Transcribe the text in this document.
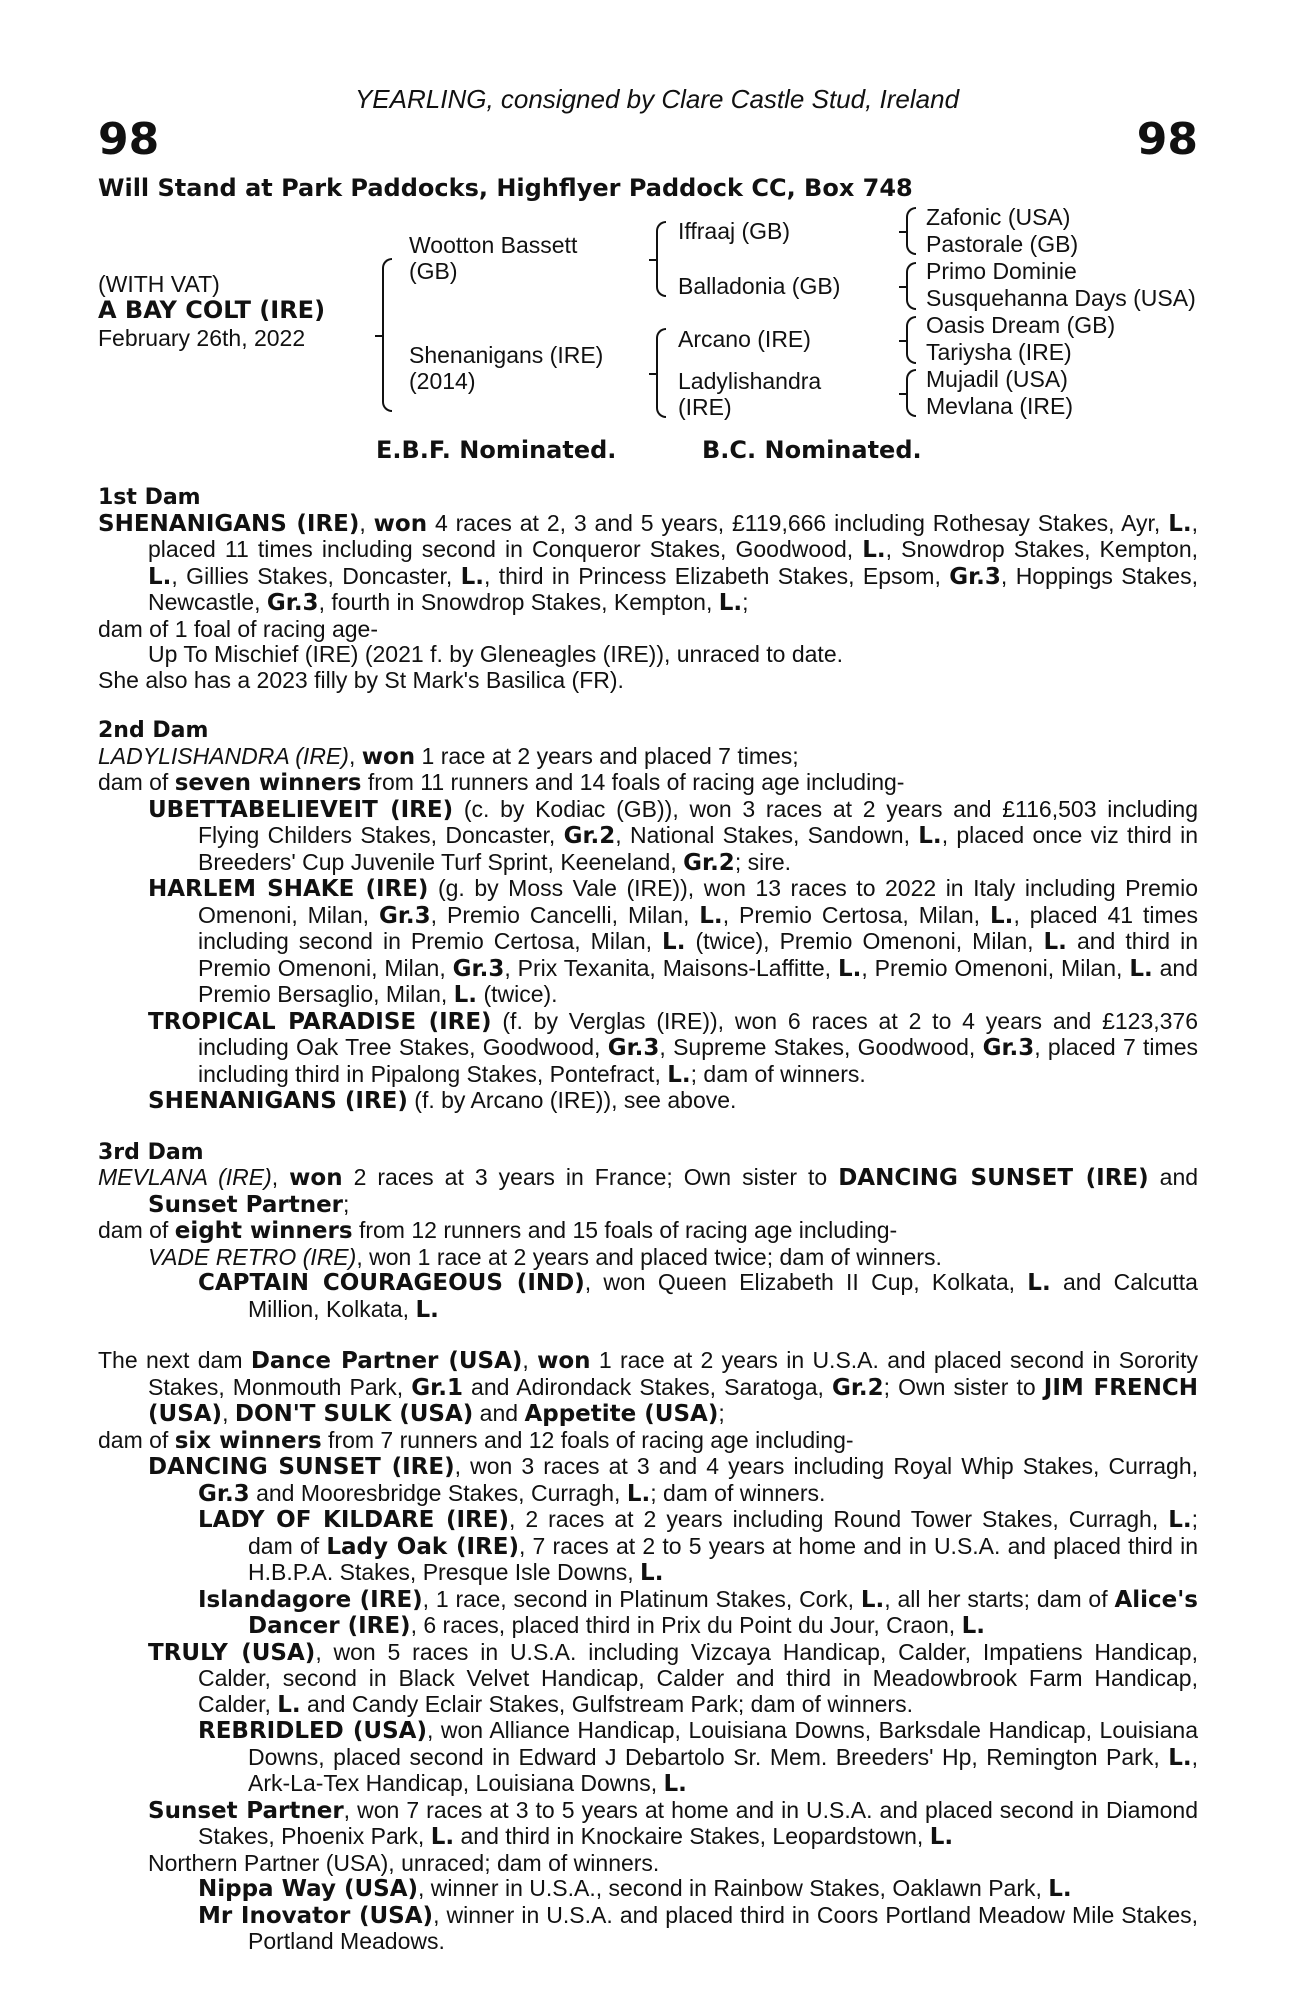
YEARLING, consigned by Clare Castle Stud, Ireland
98	98
Will Stand at Park Paddocks, Highflyer Paddock CC, Box 748
(WITH VAT)
A BAY COLT (IRE)
February 26th, 2022
Wootton Bassett
(GB)
Shenanigans (IRE)
(2014)
Iffraaj (GB)
Balladonia (GB)
Arcano (IRE)
Ladylishandra
(IRE)
Zafonic (USA)
Pastorale (GB)
Primo Dominie
Susquehanna Days (USA)
Oasis Dream (GB)
Tariysha (IRE)
Mujadil (USA)
Mevlana (IRE)
E.B.F. Nominated.	B.C. Nominated.
1st Dam
SHENANIGANS (IRE), won 4 races at 2, 3 and 5 years, £119,666 including Rothesay Stakes, Ayr, L., placed 11 times including second in Conqueror Stakes, Goodwood, L., Snowdrop Stakes, Kempton, L., Gillies Stakes, Doncaster, L., third in Princess Elizabeth Stakes, Epsom, Gr.3, Hoppings Stakes, Newcastle, Gr.3, fourth in Snowdrop Stakes, Kempton, L.;
dam of 1 foal of racing age-
Up To Mischief (IRE) (2021 f. by Gleneagles (IRE)), unraced to date.
She also has a 2023 filly by St Mark's Basilica (FR).
2nd Dam
LADYLISHANDRA (IRE), won 1 race at 2 years and placed 7 times;
dam of seven winners from 11 runners and 14 foals of racing age including-
UBETTABELIEVEIT (IRE) (c. by Kodiac (GB)), won 3 races at 2 years and £116,503 including Flying Childers Stakes, Doncaster, Gr.2, National Stakes, Sandown, L., placed once viz third in Breeders' Cup Juvenile Turf Sprint, Keeneland, Gr.2; sire.
HARLEM SHAKE (IRE) (g. by Moss Vale (IRE)), won 13 races to 2022 in Italy including Premio Omenoni, Milan, Gr.3, Premio Cancelli, Milan, L., Premio Certosa, Milan, L., placed 41 times including second in Premio Certosa, Milan, L. (twice), Premio Omenoni, Milan, L. and third in Premio Omenoni, Milan, Gr.3, Prix Texanita, Maisons-Laffitte, L., Premio Omenoni, Milan, L. and Premio Bersaglio, Milan, L. (twice).
TROPICAL PARADISE (IRE) (f. by Verglas (IRE)), won 6 races at 2 to 4 years and £123,376 including Oak Tree Stakes, Goodwood, Gr.3, Supreme Stakes, Goodwood, Gr.3, placed 7 times including third in Pipalong Stakes, Pontefract, L.; dam of winners.
SHENANIGANS (IRE) (f. by Arcano (IRE)), see above.
3rd Dam
MEVLANA (IRE), won 2 races at 3 years in France; Own sister to DANCING SUNSET (IRE) and Sunset Partner;
dam of eight winners from 12 runners and 15 foals of racing age including-
VADE RETRO (IRE), won 1 race at 2 years and placed twice; dam of winners.
CAPTAIN COURAGEOUS (IND), won Queen Elizabeth II Cup, Kolkata, L. and Calcutta Million, Kolkata, L.
The next dam Dance Partner (USA), won 1 race at 2 years in U.S.A. and placed second in Sorority Stakes, Monmouth Park, Gr.1 and Adirondack Stakes, Saratoga, Gr.2; Own sister to JIM FRENCH (USA), DON'T SULK (USA) and Appetite (USA);
dam of six winners from 7 runners and 12 foals of racing age including-
DANCING SUNSET (IRE), won 3 races at 3 and 4 years including Royal Whip Stakes, Curragh, Gr.3 and Mooresbridge Stakes, Curragh, L.; dam of winners.
LADY OF KILDARE (IRE), 2 races at 2 years including Round Tower Stakes, Curragh, L.; dam of Lady Oak (IRE), 7 races at 2 to 5 years at home and in U.S.A. and placed third in H.B.P.A. Stakes, Presque Isle Downs, L.
Islandagore (IRE), 1 race, second in Platinum Stakes, Cork, L., all her starts; dam of Alice's Dancer (IRE), 6 races, placed third in Prix du Point du Jour, Craon, L.
TRULY (USA), won 5 races in U.S.A. including Vizcaya Handicap, Calder, Impatiens Handicap, Calder, second in Black Velvet Handicap, Calder and third in Meadowbrook Farm Handicap, Calder, L. and Candy Eclair Stakes, Gulfstream Park; dam of winners.
REBRIDLED (USA), won Alliance Handicap, Louisiana Downs, Barksdale Handicap, Louisiana Downs, placed second in Edward J Debartolo Sr. Mem. Breeders' Hp, Remington Park, L., Ark-La-Tex Handicap, Louisiana Downs, L.
Sunset Partner, won 7 races at 3 to 5 years at home and in U.S.A. and placed second in Diamond Stakes, Phoenix Park, L. and third in Knockaire Stakes, Leopardstown, L.
Northern Partner (USA), unraced; dam of winners.
Nippa Way (USA), winner in U.S.A., second in Rainbow Stakes, Oaklawn Park, L.
Mr Inovator (USA), winner in U.S.A. and placed third in Coors Portland Meadow Mile Stakes, Portland Meadows.
